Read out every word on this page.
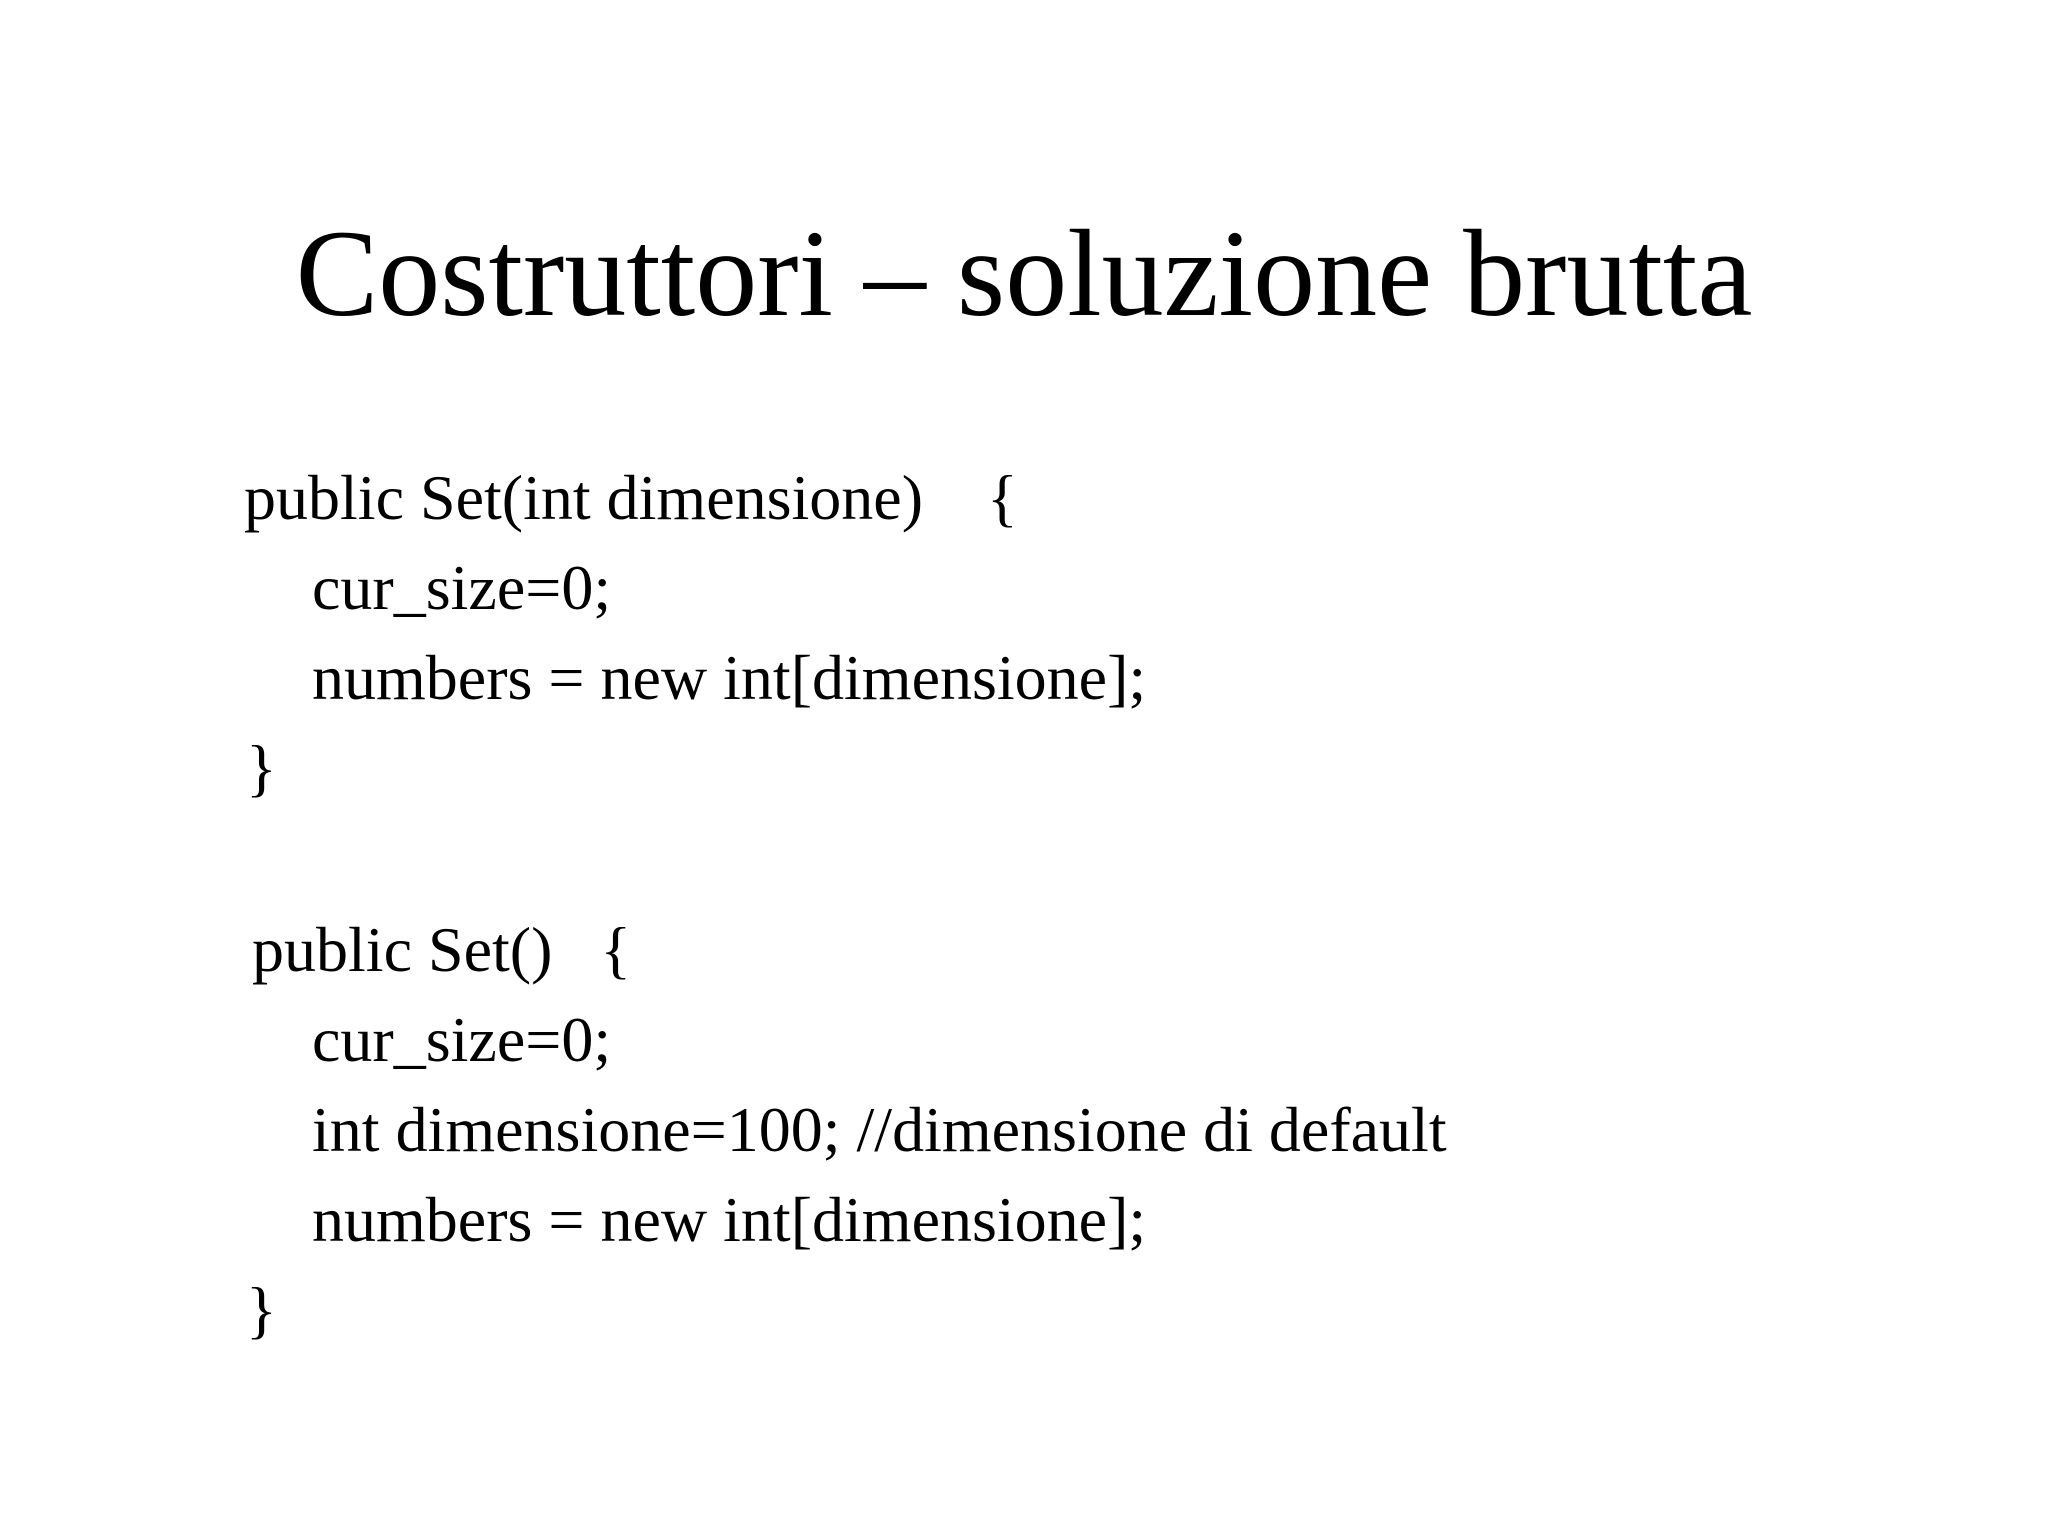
Costruttori – soluzione brutta
public Set(int dimensione)    {
cur_size=0;
numbers = new int[dimensione];
}
public Set()   {
cur_size=0;
int dimensione=100; //dimensione di default
numbers = new int[dimensione];
}
